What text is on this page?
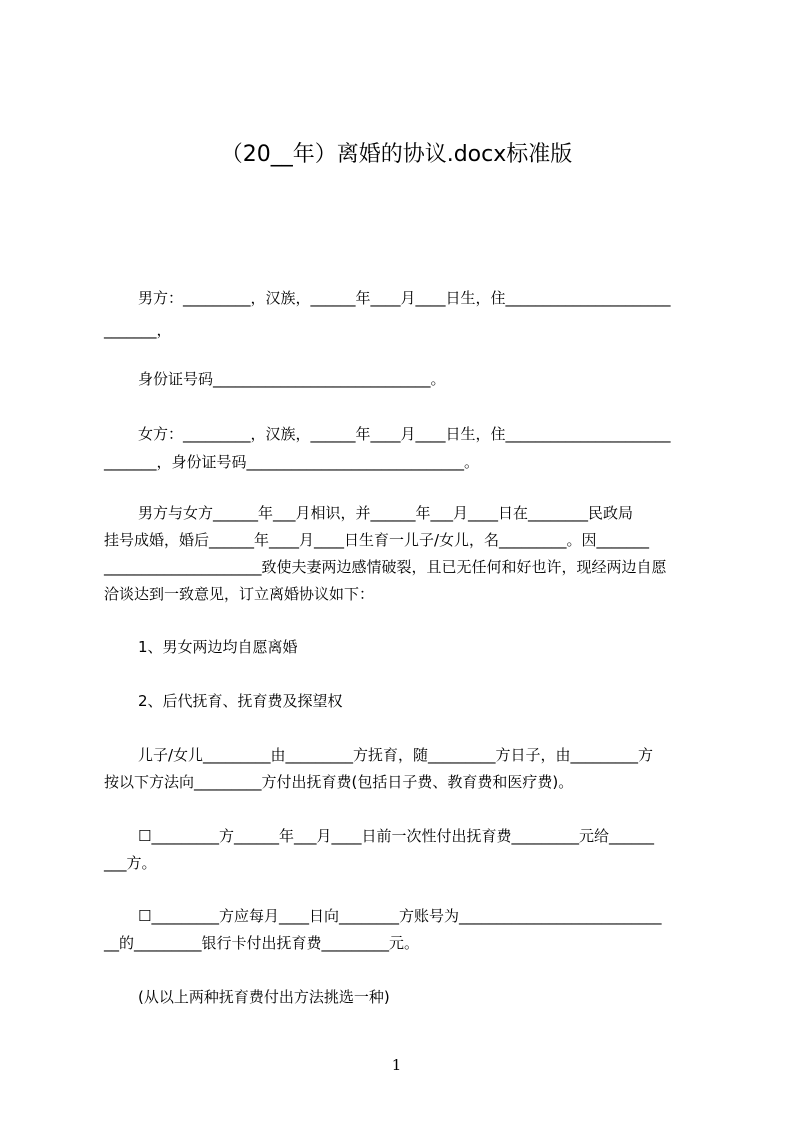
（20__年）离婚的协议.docx标准版
男方：_________，汉族，______年____月____日生，住______________________
_______，
身份证号码_____________________________。
女方：_________，汉族，______年____月____日生，住______________________
_______，身份证号码_____________________________。
男方与女方______年___月相识，并______年___月____日在________民政局
挂号成婚，婚后______年____月____日生育一儿子/女儿，名_________。因_______
_____________________致使夫妻两边感情破裂，且已无任何和好也许，现经两边自愿
洽谈达到一致意见，订立离婚协议如下：
1、男女两边均自愿离婚
2、后代抚育、抚育费及探望权
儿子/女儿_________由_________方抚育，随_________方日子，由_________方
按以下方法向_________方付出抚育费(包括日子费、教育费和医疗费)。
☐_________方______年___月____日前一次性付出抚育费_________元给______
___方。
☐_________方应每月____日向________方账号为___________________________
__的_________银行卡付出抚育费_________元。
(从以上两种抚育费付出方法挑选一种)
1
